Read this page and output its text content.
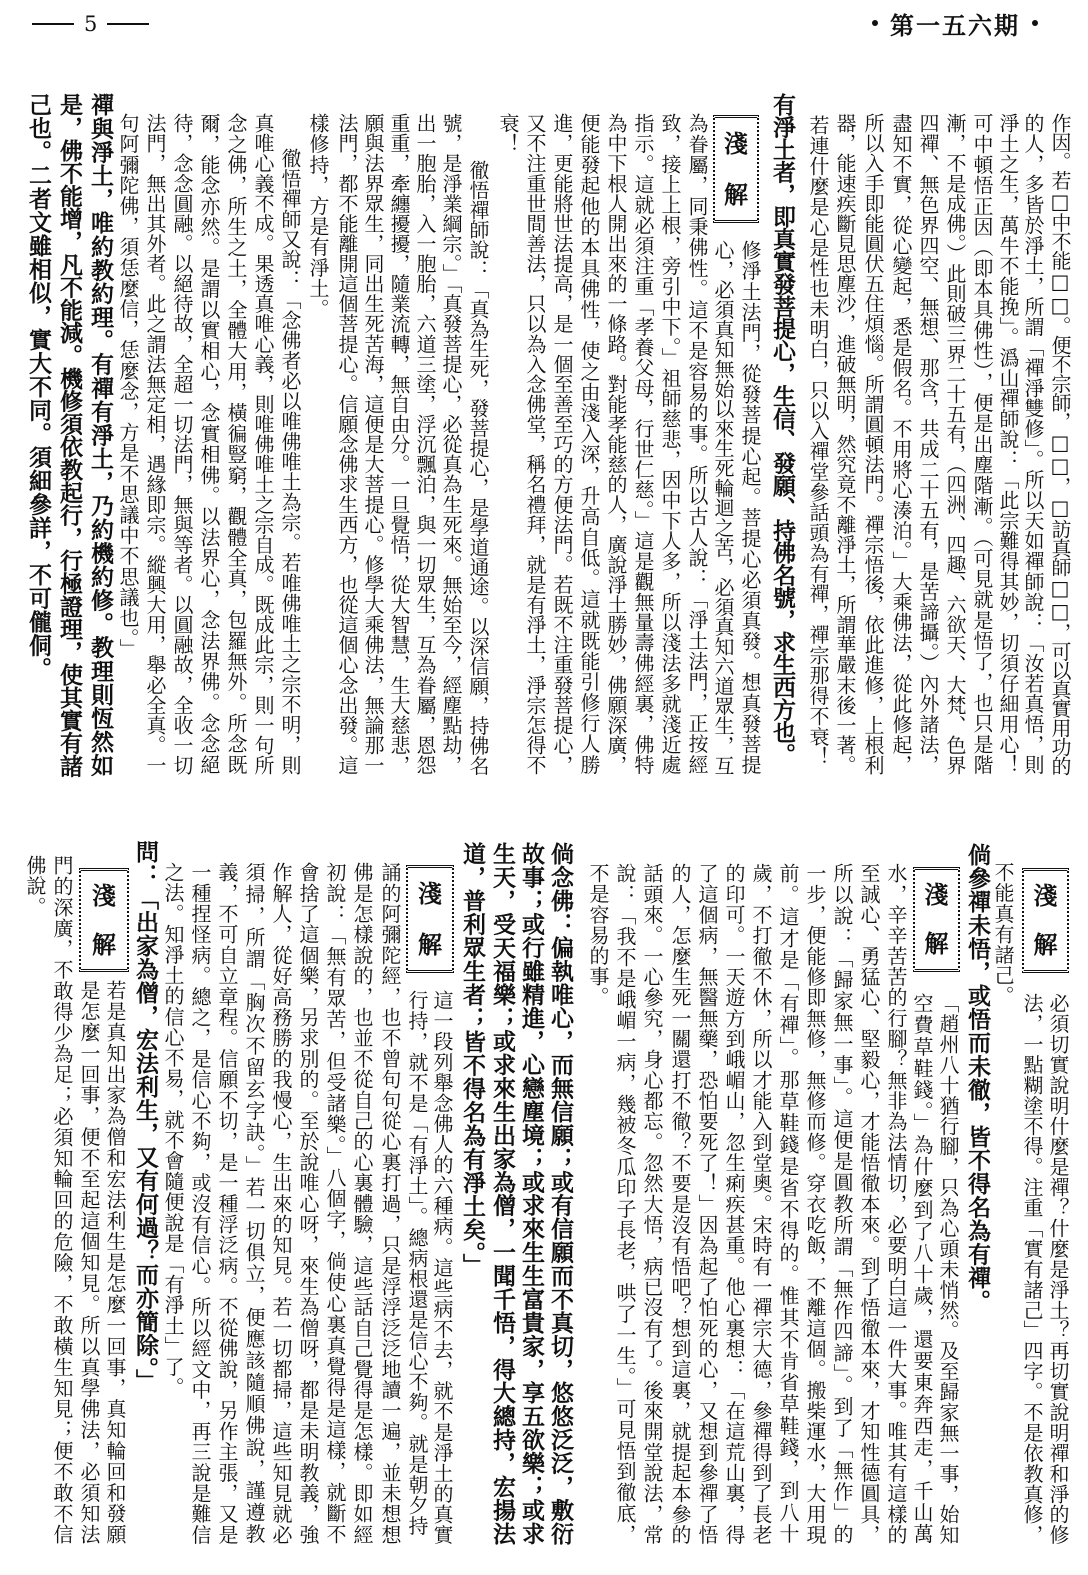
5	第一五六期
作因。若□中不能□□。便不宗師，□□，□訪真師□□，可以真實用功的
的人，多皆於淨土，所謂「禪淨雙修」。所以天如禪師說：「汝若真悟，則
淨土之生，萬牛不能挽」。潙山禪師說：「此宗難得其妙，切須仔細用心！
可中頓悟正因（即本具佛性），便是出塵階漸。（可見就是悟了，也只是階
漸，不是成佛。）此則破三界二十五有，（四洲、四趣、六欲天、大梵、色界
四禪、無色界四空、無想、那含，共成二十五有，是苦諦攝。）內外諸法，
盡知不實，從心變起，悉是假名。不用將心湊泊。」大乘佛法，從此修起，
所以入手即能圓伏五住煩惱。所謂圓頓法門。禪宗悟後，依此進修，上根利
器，能速疾斷見思塵沙，進破無明，然究竟不離淨土，所謂華嚴末後一著。
若連什麼是心是性也未明白，只以入禪堂參話頭為有禪，禪宗那得不衰！
有淨土者，即真實發菩提心，生信、發願、持佛名號，求生西方也。
淺
解
修淨土法門，從發菩提心起。菩提心必須真發。想真發菩提
心，必須真知無始以來生死輪迴之苦，必須真知六道眾生，互
為眷屬，同秉佛性。這不是容易的事。所以古人說：「淨土法門，正按經
致，接上上根，旁引中下。」祖師慈悲，因中下人多，所以淺法多就淺近處
指示。這就必須注重「孝養父母，行世仁慈。」這是觀無量壽佛經裏，佛特
為中下根人開出來的一條路。對能孝能慈的人，廣說淨土勝妙，佛願深廣，
便能發起他的本具佛性，使之由淺入深，升高自低。這就既能引修行人勝
進，更能將世法提高，是一個至善至巧的方便法門。若既不注重發菩提心，
又不注重世間善法，只以為入念佛堂，稱名禮拜，就是有淨土，淨宗怎得不
衰！
徹悟禪師說：「真為生死，發菩提心，是學道通途。以深信願，持佛名
號，是淨業綱宗。」「真發菩提心，必從真為生死來。無始至今，經塵點劫，
出一胞胎，入一胞胎，六道三塗，浮沉飄泊，與一切眾生，互為眷屬，恩怨
重重，牽纏擾擾，隨業流轉，無自由分。一旦覺悟，從大智慧，生大慈悲，
願與法界眾生，同出生死苦海，這便是大菩提心。修學大乘佛法，無論那一
法門，都不能離開這個菩提心。信願念佛求生西方，也從這個心念出發。這
樣修持，方是有淨土。
徹悟禪師又說：「念佛者必以唯佛唯土為宗。若唯佛唯土之宗不明，則
真唯心義不成。果透真唯心義，則唯佛唯土之宗自成。既成此宗，則一句所
念之佛，所生之土，全體大用，橫徧豎窮，觀體全真，包羅無外。所念既
爾，能念亦然。是謂以實相心，念實相佛。以法界心，念法界佛。念念絕
待，念念圓融。以絕待故，全超一切法門，無與等者。以圓融故，全收一切
法門，無出其外者。此之謂法無定相，遇緣即宗。縱興大用，舉必全真。一
句阿彌陀佛，須恁麼信，恁麼念，方是不思議中不思議也。」
禪與淨土，唯約教約理。有禪有淨土，乃約機約修。教理則恆然如
是，佛不能增，凡不能減。機修須依教起行，行極證理，使其實有諸
己也。二者文雖相似，實大不同。須細參詳，不可儱侗。
淺
解
必須切實說明什麼是禪？什麼是淨土？再切實說明禪和淨的修
法，一點糊塗不得。注重「實有諸己」四字。不是依教真修，
不能真有諸己。
倘參禪未悟，或悟而未徹，皆不得名為有禪。
淺
解
「趙州八十猶行腳，只為心頭未悄然。及至歸家無一事，始知
空費草鞋錢。」為什麼到了八十歲，還要東奔西走，千山萬
水，辛辛苦苦的行腳？無非為法情切，必要明白這一件大事。唯其有這樣的
至誠心、勇猛心、堅毅心，才能悟徹本來。到了悟徹本來，才知性德圓具，
所以說：「歸家無一事」。這便是圓教所謂「無作四諦」。到了「無作」的
一步，便能修即無修，無修而修。穿衣吃飯，不離這個。搬柴運水，大用現
前。這才是「有禪」。那草鞋錢是省不得的。惟其不肯省草鞋錢，到八十
歲，不打徹不休，所以才能入到堂奧。宋時有一禪宗大德，參禪得到了長老
的印可。一天遊方到峨嵋山，忽生痢疾甚重。他心裏想：「在這荒山裏，得
了這個病，無醫無藥，恐怕要死了！」因為起了怕死的心，又想到參禪了悟
的人，怎麼生死一關還打不徹？不要是沒有悟吧？想到這裏，就提起本參的
話頭來。一心參究，身心都忘。忽然大悟，病已沒有了。後來開堂說法，常
說：「我不是峨嵋一病，幾被冬瓜印子長老，哄了一生。」可見悟到徹底，
不是容易的事。
倘念佛：偏執唯心，而無信願；或有信願而不真切，悠悠泛泛，敷衍
故事；或行雖精進，心戀塵境；或求來生生富貴家，享五欲樂；或求
生天，受天福樂；或求來生出家為僧，一聞千悟，得大總持，宏揚法
道，普利眾生者；皆不得名為有淨土矣。」
淺
解
這一段列舉念佛人的六種病。這些病不去，就不是淨土的真實
行持，就不是「有淨土」。總病根還是信心不夠。就是朝夕持
誦的阿彌陀經，也不曾句句從心裏打過，只是浮浮泛泛地讀一遍，並未想想
佛是怎樣說的，也並不從自己的心裏體驗，這些話自己覺得是怎樣。即如經
初說：「無有眾苦，但受諸樂。」八個字，倘使心裏真覺得是這樣，就斷不
會捨了這個樂，另求別的。至於說唯心呀，來生為僧呀，都是未明教義，強
作解人，從好高務勝的我慢心，生出來的知見。若一切都掃，這些知見就必
須掃，所謂「胸次不留玄字訣。」若一切俱立，便應該隨順佛說，謹遵教
義，不可自立章程。信願不切，是一種浮泛病。不從佛說，另作主張，又是
一種捏怪病。總之，是信心不夠，或沒有信心。所以經文中，再三說是難信
之法。知淨土的信心不易，就不會隨便說是「有淨土」了。
問：「出家為僧，宏法利生，又有何過？而亦簡除。」
淺
解
若是真知出家為僧和宏法利生是怎麼一回事，真知輪回和發願
是怎麼一回事，便不至起這個知見。所以真學佛法，必須知法
門的深廣，不敢得少為足；必須知輪回的危險，不敢橫生知見；便不敢不信
佛說。
